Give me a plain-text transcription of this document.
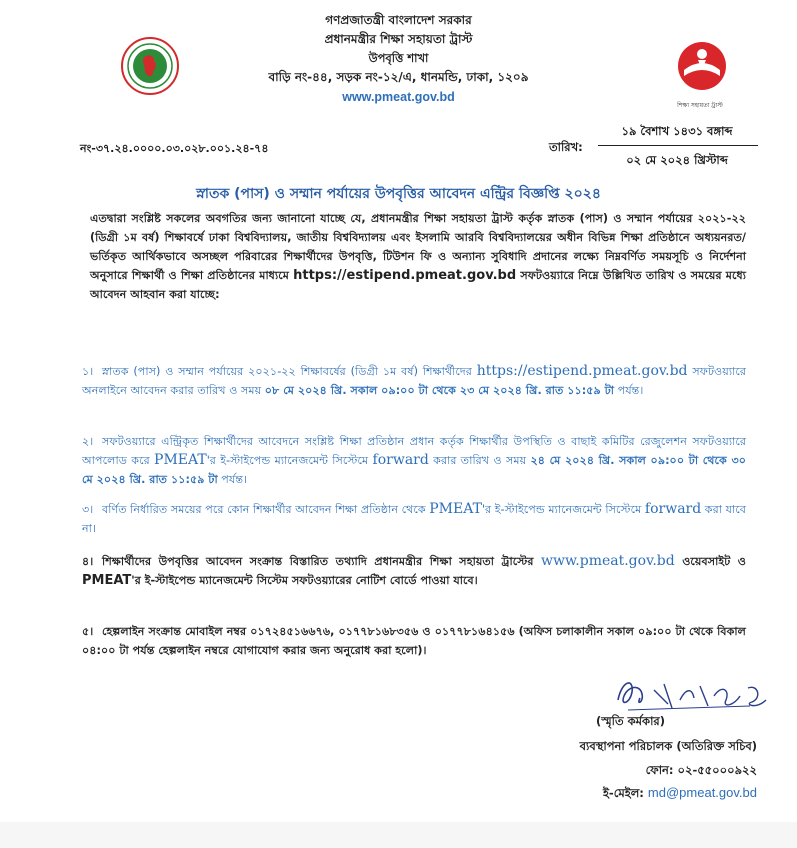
গণপ্রজাতন্ত্রী বাংলাদেশ সরকার
প্রধানমন্ত্রীর শিক্ষা সহায়তা ট্রাস্ট
উপবৃত্তি শাখা
বাড়ি নং-৪৪, সড়ক নং-১২/এ, ধানমন্ডি, ঢাকা, ১২০৯
www.pmeat.gov.bd
শিক্ষা সহায়তা ট্রাস্ট
নং-৩৭.২৪.০০০০.০৩.০২৮.০০১.২৪-৭৪	তারিখ:
১৯ বৈশাখ ১৪৩১ বঙ্গাব্দ
০২ মে ২০২৪ খ্রিস্টাব্দ
স্নাতক (পাস) ও সম্মান পর্যায়ের উপবৃত্তির আবেদন এন্ট্রির বিজ্ঞপ্তি ২০২৪
এতদ্বারা সংশ্লিষ্ট সকলের অবগতির জন্য জানানো যাচ্ছে যে, প্রধানমন্ত্রীর শিক্ষা সহায়তা ট্রাস্ট কর্তৃক স্নাতক (পাস) ও সম্মান পর্যায়ের ২০২১-২২ (ডিগ্রী ১ম বর্ষ) শিক্ষাবর্ষে ঢাকা বিশ্ববিদ্যালয়, জাতীয় বিশ্ববিদ্যালয় এবং ইসলামি আরবি বিশ্ববিদ্যালয়ের অধীন বিভিন্ন শিক্ষা প্রতিষ্ঠানে অধ্যয়নরত/ভর্তিকৃত আর্থিকভাবে অসচ্ছল পরিবারের শিক্ষার্থীদের উপবৃত্তি, টিউশন ফি ও অন্যান্য সুবিধাদি প্রদানের লক্ষ্যে নিম্নবর্ণিত সময়সূচি ও নির্দেশনা অনুসারে শিক্ষার্থী ও শিক্ষা প্রতিষ্ঠানের মাধ্যমে https://estipend.pmeat.gov.bd সফটওয়্যারে নিম্নে উল্লিখিত তারিখ ও সময়ের মধ্যে আবেদন আহবান করা যাচ্ছে:
১। স্নাতক (পাস) ও সম্মান পর্যায়ের ২০২১-২২ শিক্ষাবর্ষের (ডিগ্রী ১ম বর্ষ) শিক্ষার্থীদের https://estipend.pmeat.gov.bd সফটওয়্যারে অনলাইনে আবেদন করার তারিখ ও সময় ০৮ মে ২০২৪ খ্রি. সকাল ০৯:০০ টা থেকে ২৩ মে ২০২৪ খ্রি. রাত ১১:৫৯ টা পর্যন্ত।
২। সফটওয়্যারে এন্ট্রিকৃত শিক্ষার্থীদের আবেদনে সংশ্লিষ্ট শিক্ষা প্রতিষ্ঠান প্রধান কর্তৃক শিক্ষার্থীর উপস্থিতি ও বাছাই কমিটির রেজুলেশন সফটওয়্যারে আপলোড করে PMEAT'র ই-স্টাইপেন্ড ম্যানেজমেন্ট সিস্টেমে forward করার তারিখ ও সময় ২৪ মে ২০২৪ খ্রি. সকাল ০৯:০০ টা থেকে ৩০ মে ২০২৪ খ্রি. রাত ১১:৫৯ টা পর্যন্ত।
৩। বর্ণিত নির্ধারিত সময়ের পরে কোন শিক্ষার্থীর আবেদন শিক্ষা প্রতিষ্ঠান থেকে PMEAT'র ই-স্টাইপেন্ড ম্যানেজমেন্ট সিস্টেমে forward করা যাবে না।
৪। শিক্ষার্থীদের উপবৃত্তির আবেদন সংক্রান্ত বিস্তারিত তথ্যাদি প্রধানমন্ত্রীর শিক্ষা সহায়তা ট্রাস্টের www.pmeat.gov.bd ওয়েবসাইট ও PMEAT'র ই-স্টাইপেন্ড ম্যানেজমেন্ট সিস্টেম সফটওয়্যারের নোটিশ বোর্ডে পাওয়া যাবে।
৫। হেল্পলাইন সংক্রান্ত মোবাইল নম্বর ০১৭২৪৫১৬৬৭৬, ০১৭৭৮১৬৮৩৫৬ ও ০১৭৭৮১৬৪১৫৬ (অফিস চলাকালীন সকাল ০৯:০০ টা থেকে বিকাল ০৪:০০ টা পর্যন্ত হেল্পলাইন নম্বরে যোগাযোগ করার জন্য অনুরোধ করা হলো)।
(স্মৃতি কর্মকার)
ব্যবস্থাপনা পরিচালক (অতিরিক্ত সচিব)
ফোন: ০২-৫৫০০০৯২২
ই-মেইল: md@pmeat.gov.bd
